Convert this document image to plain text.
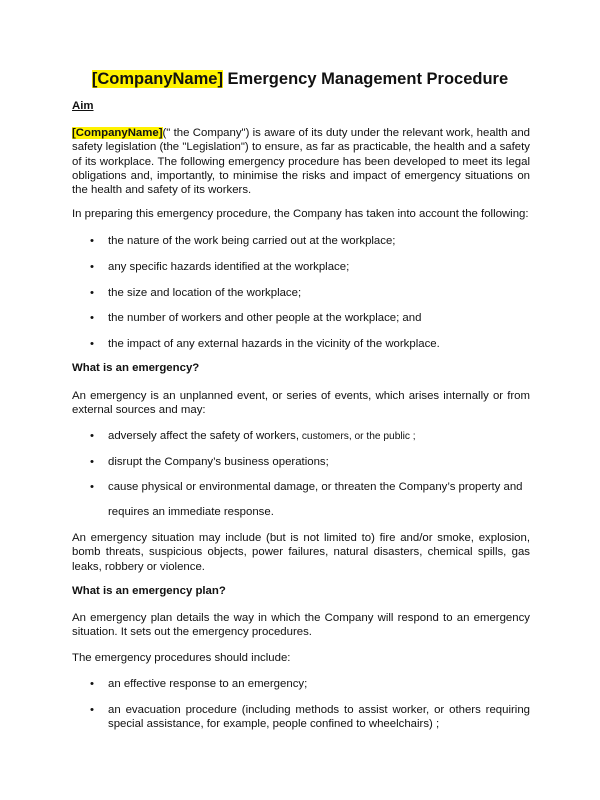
[CompanyName] Emergency Management Procedure
Aim
[CompanyName](" the Company") is aware of its duty under the relevant work, health and safety legislation (the "Legislation") to ensure, as far as practicable, the health and a safety of its workplace. The following emergency procedure has been developed to meet its legal obligations and, importantly, to minimise the risks and impact of emergency situations on the health and safety of its workers.
In preparing this emergency procedure, the Company has taken into account the following:
•	the nature of the work being carried out at the workplace;
•	any specific hazards identified at the workplace;
•	the size and location of the workplace;
•	the number of workers and other people at the workplace; and
•	the impact of any external hazards in the vicinity of the workplace.
What is an emergency?
An emergency is an unplanned event, or series of events, which arises internally or from external sources and may:
•	adversely affect the safety of workers, customers, or the public ;
•	disrupt the Company’s business operations;
•	cause physical or environmental damage, or threaten the Company’s property and
requires an immediate response.
An emergency situation may include (but is not limited to) fire and/or smoke, explosion, bomb threats, suspicious objects, power failures, natural disasters, chemical spills, gas leaks, robbery or violence.
What is an emergency plan?
An emergency plan details the way in which the Company will respond to an emergency situation. It sets out the emergency procedures.
The emergency procedures should include:
•	an effective response to an emergency;
•	an evacuation procedure (including methods to assist worker, or others requiring special assistance, for example, people confined to wheelchairs) ;
